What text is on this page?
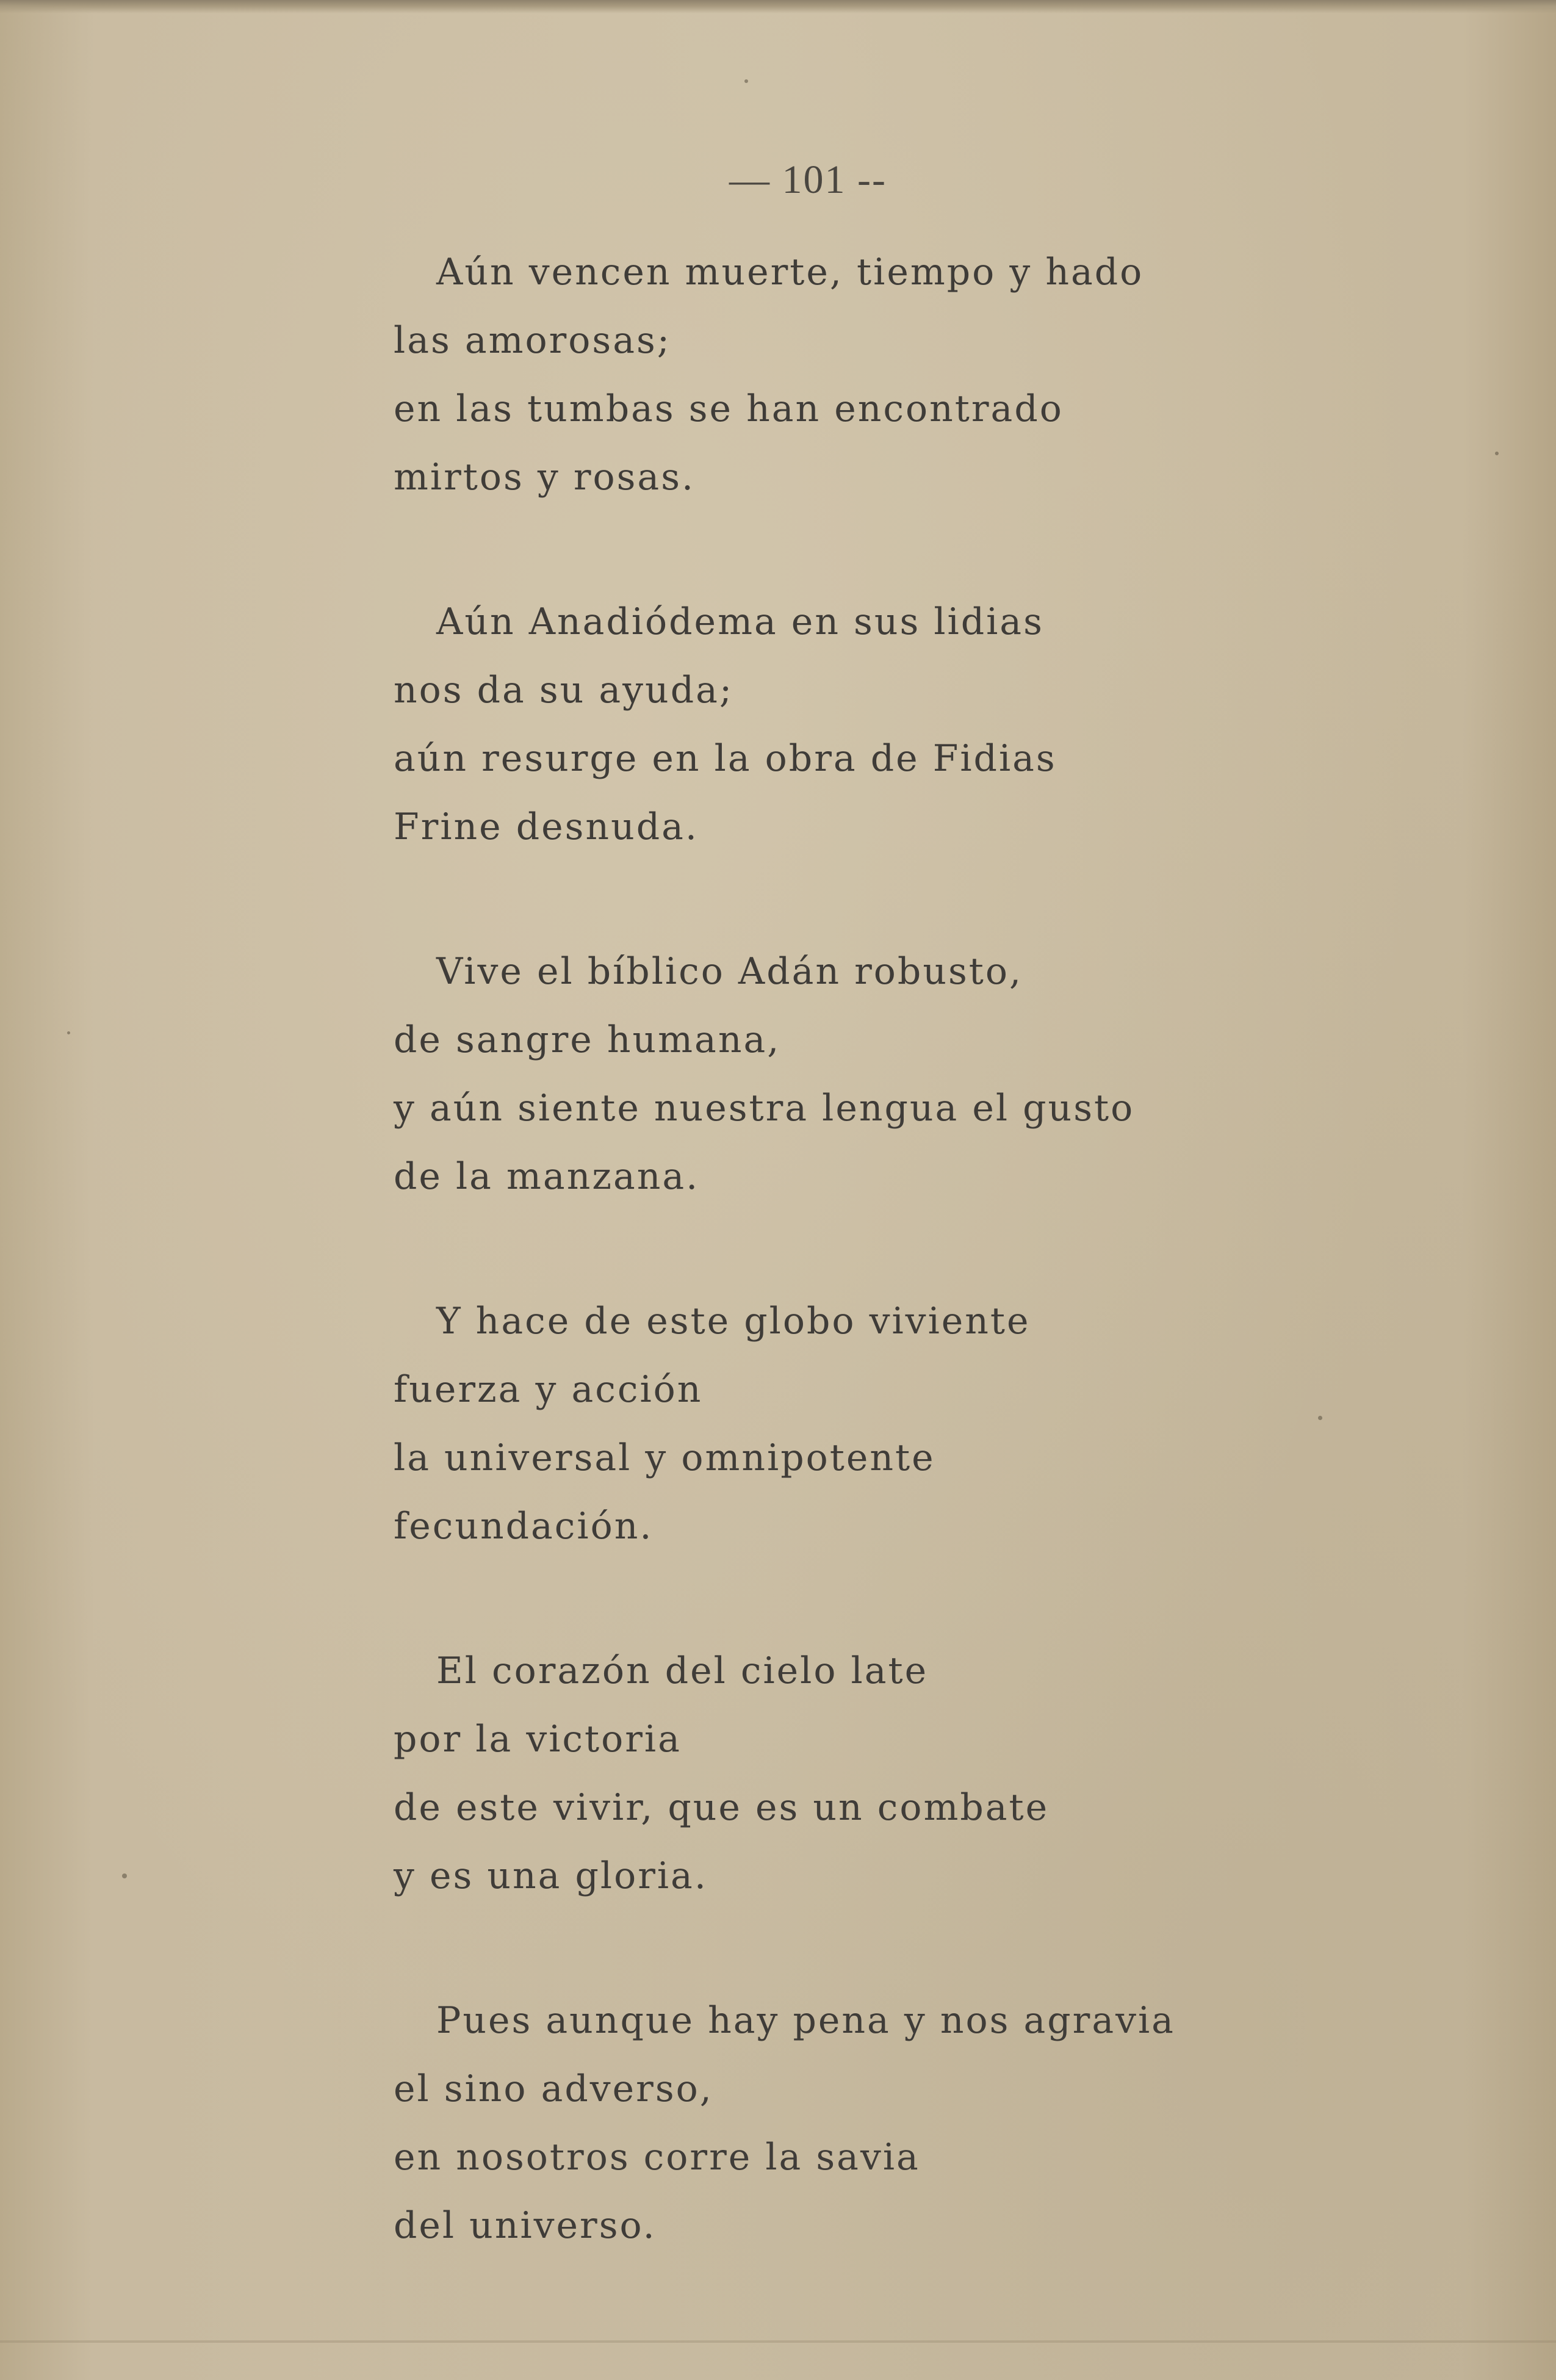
— 101 --
Aún vencen muerte, tiempo y hado
las amorosas;
en las tumbas se han encontrado
mirtos y rosas.
Aún Anadiódema en sus lidias
nos da su ayuda;
aún resurge en la obra de Fidias
Frine desnuda.
Vive el bíblico Adán robusto,
de sangre humana,
y aún siente nuestra lengua el gusto
de la manzana.
Y hace de este globo viviente
fuerza y acción
la universal y omnipotente
fecundación.
El corazón del cielo late
por la victoria
de este vivir, que es un combate
y es una gloria.
Pues aunque hay pena y nos agravia
el sino adverso,
en nosotros corre la savia
del universo.
